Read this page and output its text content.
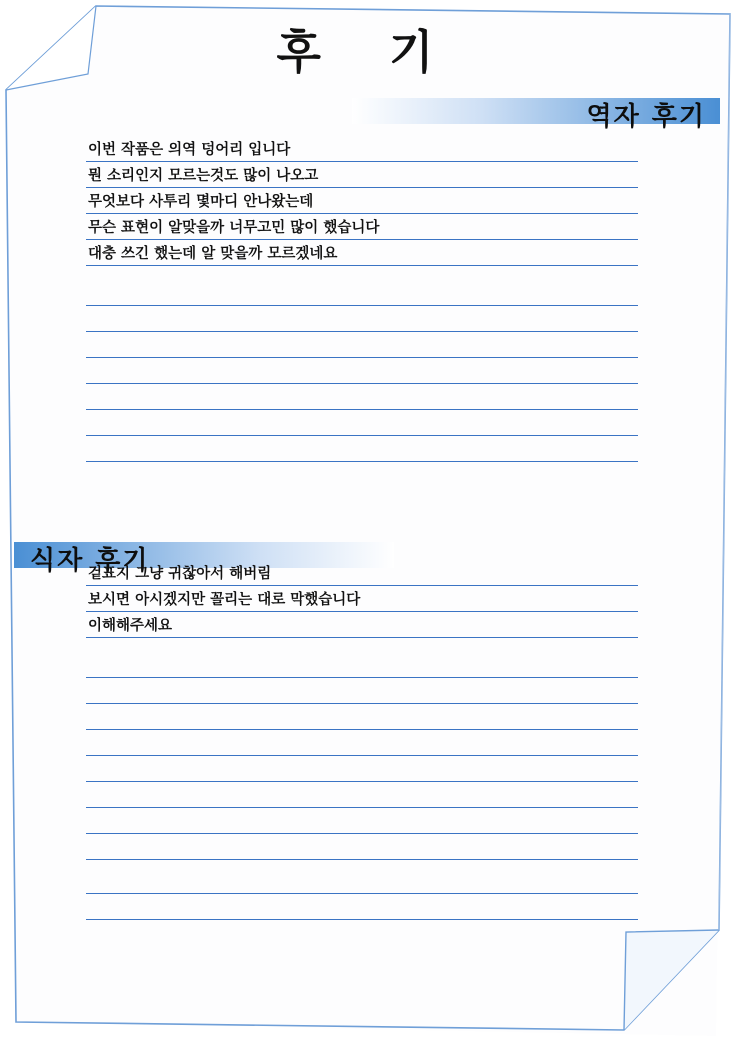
후 기
역자 후기
이번 작품은 의역 덩어리 입니다
뭔 소리인지 모르는것도 많이 나오고
무엇보다 사투리 몇마디 안나왔는데
무슨 표현이 알맞을까 너무고민 많이 했습니다
대충 쓰긴 했는데 알 맞을까 모르겠네요
식자 후기
겉표지 그냥 귀찮아서 해버림
보시면 아시겠지만 꼴리는 대로 막했습니다
이해해주세요
